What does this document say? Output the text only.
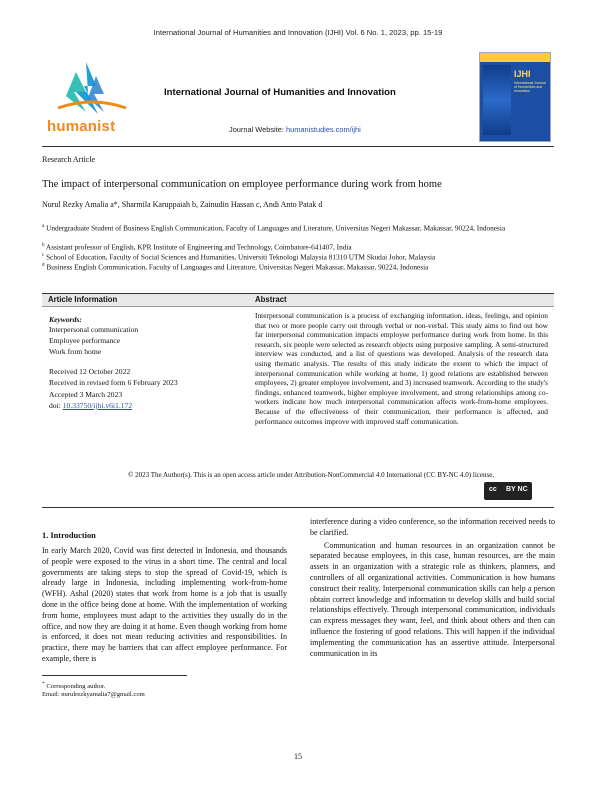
International Journal of Humanities and Innovation (IJHI) Vol. 6 No. 1, 2023, pp. 15-19
humanist
International Journal of Humanities and Innovation
Journal Website: humanistudies.com/ijhi
IJHI
International Journal of Humanities and Innovation
Research Article
The impact of interpersonal communication on employee performance during work from home
Nurul Rezky Amalia a*, Sharmila Karuppaiah b, Zainudin Hassan c, Andi Anto Patak d
$^a$ Undergraduate Student of Business English Communication, Faculty of Languages and Literature, Universitas Negeri Makassar, Makassar, 90224, Indonesia
$^b$ Assistant professor of English, KPR Institute of Engineering and Technology, Coimbatore-641407, India
$^c$ School of Education, Faculty of Social Sciences and Humanities, Universiti Teknologi Malaysia 81310 UTM Skudai Johor, Malaysia
$^d$ Business English Communication, Faculty of Languages and Literature, Universitas Negeri Makassar, Makassar, 90224, Indonesia
Article Information	Abstract
Keywords:
Interpersonal communication
Employee performance
Work from home
Received 12 October 2022
Received in revised form 6 February 2023
Accepted 3 March 2023
doi: 10.33750/ijhi.v6i1.172
Interpersonal communication is a process of exchanging information, ideas, feelings, and opinion that two or more people carry out through verbal or non-verbal. This study aims to find out how far interpersonal communication impacts employee performance during work from home. In this research, six people were selected as research objects using purposive sampling. A semi-structured interview was conducted, and a list of questions was developed. Analysis of the research data using thematic analysis. The results of this study indicate the extent to which the impact of interpersonal communication while working at home, 1) good relations are established between employees, 2) greater employee involvement, and 3) increased teamwork. According to the study's findings, enhanced teamwork, higher employee involvement, and strong relationships among co-workers indicate how much interpersonal communication affects work-from-home employees. Because of the effectiveness of their communication, their performance is affected, and performance outcomes improve with improved staff communication.
© 2023 The Author(s). This is an open access article under Attribution-NonCommercial 4.0 International (CC BY-NC 4.0) license.
cc BY NC
1. Introduction

In early March 2020, Covid was first detected in Indonesia, and thousands of people were exposed to the virus in a short time. The central and local governments are taking steps to stop the spread of Covid-19, which is already large in Indonesia, including implementing work-from-home (WFH). Ashal (2020) states that work from home is a job that is usually done in the office being done at home. With the implementation of working from home, employees must adapt to the activities they usually do in the office, and now they are doing it at home. Even though working from home is enforced, it does not mean reducing activities and responsibilities. In practice, there may be barriers that can affect employee performance. For example, there is

interference during a video conference, so the information received needs to be clarified.

Communication and human resources in an organization cannot be separated because employees, in this case, human resources, are the main assets in an organization with a strategic role as thinkers, planners, and controllers of all organizational activities. Communication is how humans construct their reality. Interpersonal communication skills can help a person obtain correct knowledge and information to develop skills and build social relationships effectively. Through interpersonal communication, individuals can express messages they want, feel, and think about others and then can influence the fostering of good relations. This will happen if the individual implementing the communication has an assertive attitude. Interpersonal communication in its

* Corresponding author.
Email: nurulrezkyamalia7@gmail.com
15
